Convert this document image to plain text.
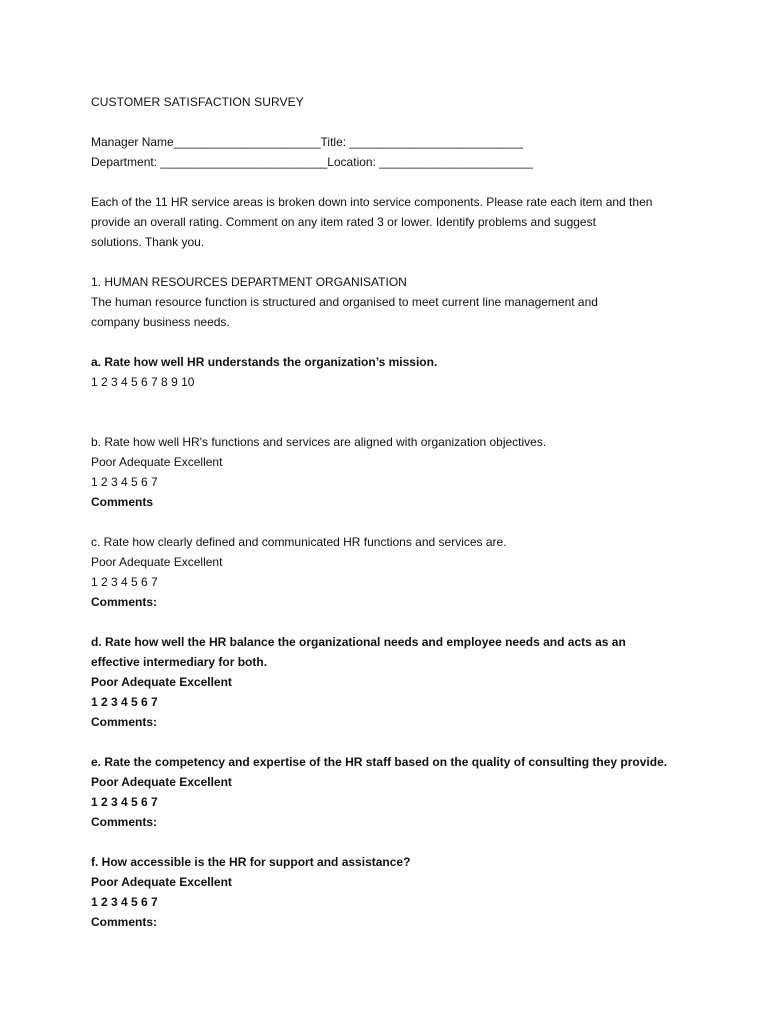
CUSTOMER SATISFACTION SURVEY
Manager Name______________________Title: __________________________
Department: _________________________Location: _______________________
Each of the 11 HR service areas is broken down into service components. Please rate each item and then
provide an overall rating. Comment on any item rated 3 or lower. Identify problems and suggest
solutions. Thank you.
1. HUMAN RESOURCES DEPARTMENT ORGANISATION
The human resource function is structured and organised to meet current line management and
company business needs.
a. Rate how well HR understands the organization’s mission.
1 2 3 4 5 6 7 8 9 10
b. Rate how well HR's functions and services are aligned with organization objectives.
Poor Adequate Excellent
1 2 3 4 5 6 7
Comments
c. Rate how clearly defined and communicated HR functions and services are.
Poor Adequate Excellent
1 2 3 4 5 6 7
Comments:
d. Rate how well the HR balance the organizational needs and employee needs and acts as an
effective intermediary for both.
Poor Adequate Excellent
1 2 3 4 5 6 7
Comments:
e. Rate the competency and expertise of the HR staff based on the quality of consulting they provide.
Poor Adequate Excellent
1 2 3 4 5 6 7
Comments:
f. How accessible is the HR for support and assistance?
Poor Adequate Excellent
1 2 3 4 5 6 7
Comments:
